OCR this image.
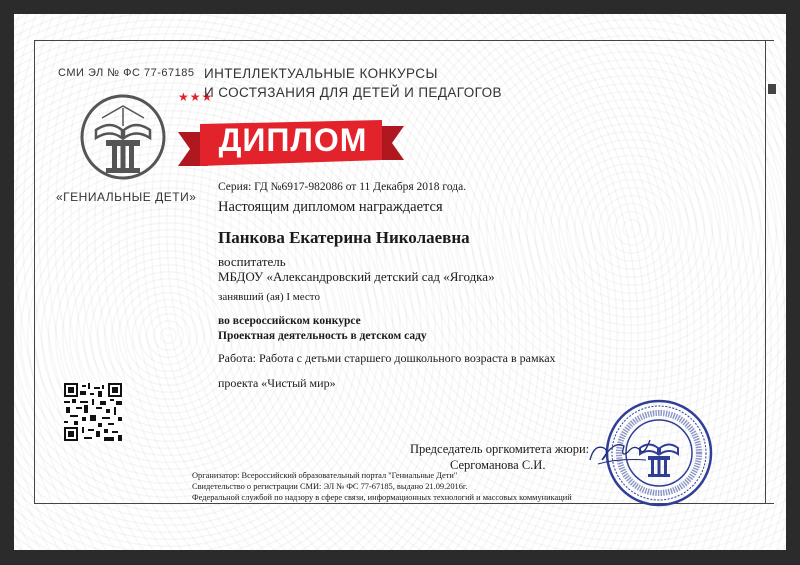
СМИ ЭЛ № ФС 77-67185
★★★
ИНТЕЛЛЕКТУАЛЬНЫЕ КОНКУРСЫ
И СОСТЯЗАНИЯ ДЛЯ ДЕТЕЙ И ПЕДАГОГОВ
«ГЕНИАЛЬНЫЕ ДЕТИ»
ДИПЛОМ
Серия: ГД №6917-982086 от 11 Декабря 2018 года.
Настоящим дипломом награждается
Панкова Екатерина Николаевна
воспитатель
МБДОУ «Александровский детский сад «Ягодка»
занявший (ая) I место
во всероссийском конкурсе
Проектная деятельность в детском саду
Работа: Работа с детьми старшего дошкольного возраста в рамках проекта «Чистый мир»
Председатель оргкомитета жюри:
Сергоманова С.И.
Организатор: Всероссийский образовательный портал "Гениальные Дети"
Свидетельство о регистрации СМИ: ЭЛ № ФС 77-67185, выдано 21.09.2016г.
Федеральной службой по надзору в сфере связи, информационных технологий и массовых коммуникаций
